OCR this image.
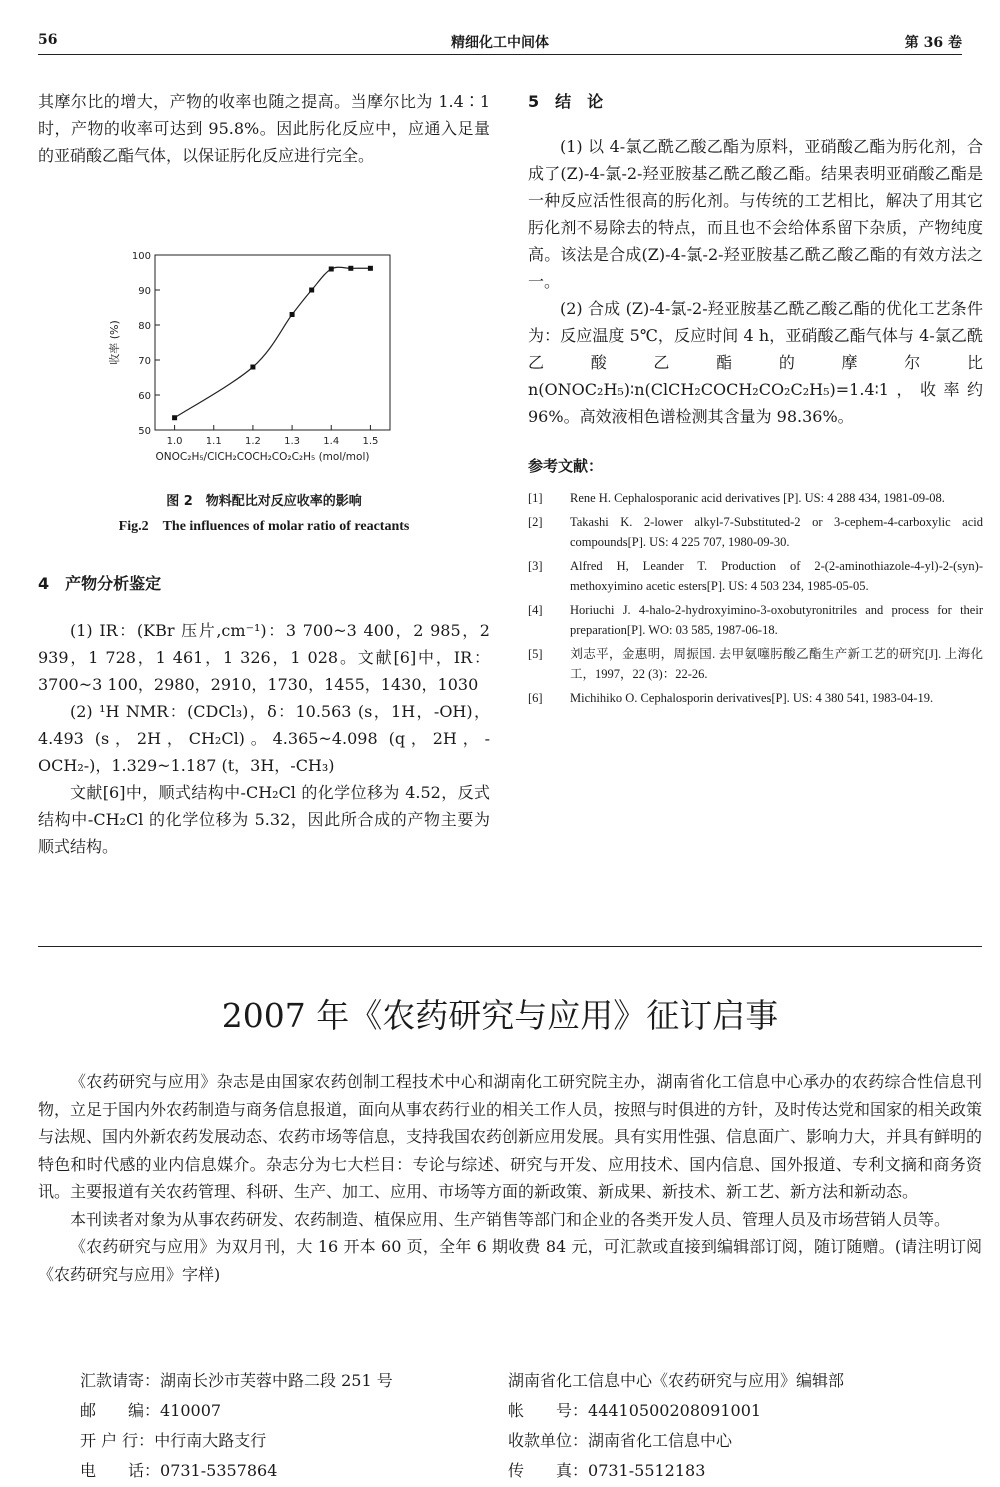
56	精细化工中间体	第 36 卷

其摩尔比的增大，产物的收率也随之提高。当摩尔比为 1.4∶1 时，产物的收率可达到 95.8%。因此肟化反应中，应通入足量的亚硝酸乙酯气体，以保证肟化反应进行完全。

50
60
70
80
90
100
1.0 1.1 1.2 1.3 1.4 1.5
ONOC₂H₅/ClCH₂COCH₂CO₂C₂H₅ (mol/mol)
收率 (%)
图 2　物料配比对反应收率的影响
Fig.2　The influences of molar ratio of reactants

4　产物分析鉴定

(1) IR：(KBr 压片,cm⁻¹)：3 700~3 400，2 985，2 939，1 728，1 461，1 326，1 028。文献[6]中，IR：3700~3 100，2980，2910，1730，1455，1430，1030

(2) ¹H NMR：(CDCl₃)，δ：10.563 (s，1H，-OH)，4.493 (s，2H，CH₂Cl)。4.365~4.098 (q，2H，-OCH₂-)，1.329~1.187 (t，3H，-CH₃)

文献[6]中，顺式结构中-CH₂Cl 的化学位移为 4.52，反式结构中-CH₂Cl 的化学位移为 5.32，因此所合成的产物主要为顺式结构。

5　结　论

(1) 以 4-氯乙酰乙酸乙酯为原料，亚硝酸乙酯为肟化剂，合成了(Z)-4-氯-2-羟亚胺基乙酰乙酸乙酯。结果表明亚硝酸乙酯是一种反应活性很高的肟化剂。与传统的工艺相比，解决了用其它肟化剂不易除去的特点，而且也不会给体系留下杂质，产物纯度高。该法是合成(Z)-4-氯-2-羟亚胺基乙酰乙酸乙酯的有效方法之一。

(2) 合成 (Z)-4-氯-2-羟亚胺基乙酰乙酸乙酯的优化工艺条件为：反应温度 5℃，反应时间 4 h，亚硝酸乙酯气体与 4-氯乙酰乙酸乙酯的摩尔比 n(ONOC₂H₅)∶n(ClCH₂COCH₂CO₂C₂H₅)=1.4∶1，收率约 96%。高效液相色谱检测其含量为 98.36%。

参考文献：

[1] Rene H. Cephalosporanic acid derivatives [P]. US: 4 288 434, 1981-09-08.

[2] Takashi K. 2-lower alkyl-7-Substituted-2 or 3-cephem-4-carboxylic acid compounds[P]. US: 4 225 707, 1980-09-30.

[3] Alfred H, Leander T. Production of 2-(2-aminothiazole-4-yl)-2-(syn)-methoxyimino acetic esters[P]. US: 4 503 234, 1985-05-05.

[4] Horiuchi J. 4-halo-2-hydroxyimino-3-oxobutyronitriles and process for their preparation[P]. WO: 03 585, 1987-06-18.

[5] 刘志平，金惠明，周振国. 去甲氨噻肟酸乙酯生产新工艺的研究[J]. 上海化工，1997，22 (3)：22-26.

[6] Michihiko O. Cephalosporin derivatives[P]. US: 4 380 541, 1983-04-19.

2007 年《农药研究与应用》征订启事

《农药研究与应用》杂志是由国家农药创制工程技术中心和湖南化工研究院主办，湖南省化工信息中心承办的农药综合性信息刊物，立足于国内外农药制造与商务信息报道，面向从事农药行业的相关工作人员，按照与时俱进的方针，及时传达党和国家的相关政策与法规、国内外新农药发展动态、农药市场等信息，支持我国农药创新应用发展。具有实用性强、信息面广、影响力大，并具有鲜明的特色和时代感的业内信息媒介。杂志分为七大栏目：专论与综述、研究与开发、应用技术、国内信息、国外报道、专利文摘和商务资讯。主要报道有关农药管理、科研、生产、加工、应用、市场等方面的新政策、新成果、新技术、新工艺、新方法和新动态。

本刊读者对象为从事农药研发、农药制造、植保应用、生产销售等部门和企业的各类开发人员、管理人员及市场营销人员等。

《农药研究与应用》为双月刊，大 16 开本 60 页，全年 6 期收费 84 元，可汇款或直接到编辑部订阅，随订随赠。(请注明订阅《农药研究与应用》字样)

汇款请寄：湖南长沙市芙蓉中路二段 251 号	湖南省化工信息中心《农药研究与应用》编辑部
邮　　编：410007	帐　　号：44410500208091001
开 户 行：中行南大路支行	收款单位：湖南省化工信息中心
电　　话：0731-5357864	传　　真：0731-5512183
